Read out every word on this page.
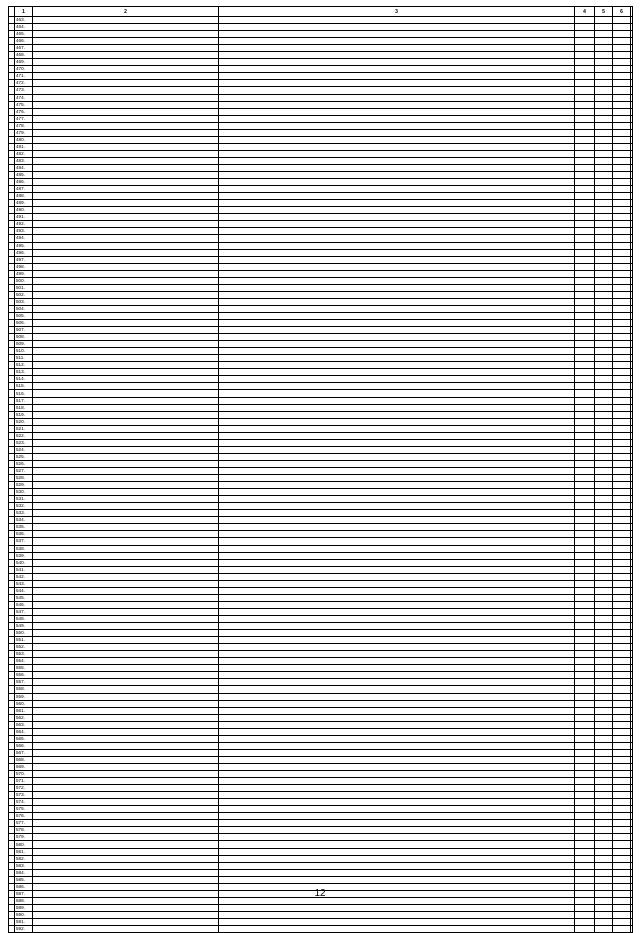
	1	2	3	4	5	6	
	463.						
	464.						
	465.						
	466.						
	467.						
	468.						
	469.						
	470.						
	471.						
	472.						
	473.						
	474.						
	475.						
	476.						
	477.						
	478.						
	479.						
	480.						
	481.						
	482.						
	483.						
	484.						
	485.						
	486.						
	487.						
	488.						
	489.						
	490.						
	491.						
	492.						
	493.						
	494.						
	495.						
	496.						
	497.						
	498.						
	499.						
	500.						
	501.						
	502.						
	503.						
	504.						
	505.						
	506.						
	507.						
	508.						
	509.						
	510.						
	511.						
	512.						
	513.						
	514.						
	515.						
	516.						
	517.						
	518.						
	519.						
	520.						
	521.						
	522.						
	523.						
	524.						
	525.						
	526.						
	527.						
	528.						
	529.						
	530.						
	531.						
	532.						
	533.						
	534.						
	535.						
	536.						
	537.						
	538.						
	539.						
	540.						
	541.						
	542.						
	543.						
	544.						
	545.						
	546.						
	547.						
	548.						
	549.						
	550.						
	551.						
	552.						
	553.						
	554.						
	555.						
	556.						
	557.						
	558.						
	559.						
	560.						
	561.						
	562.						
	563.						
	564.						
	565.						
	566.						
	567.						
	568.						
	569.						
	570.						
	571.						
	572.						
	573.						
	574.						
	575.						
	576.						
	577.						
	578.						
	579.						
	580.						
	581.						
	582.						
	583.						
	584.						
	585.						
	586.						
	587.						
	588.						
	589.						
	590.						
	591.						
	592.						
12
